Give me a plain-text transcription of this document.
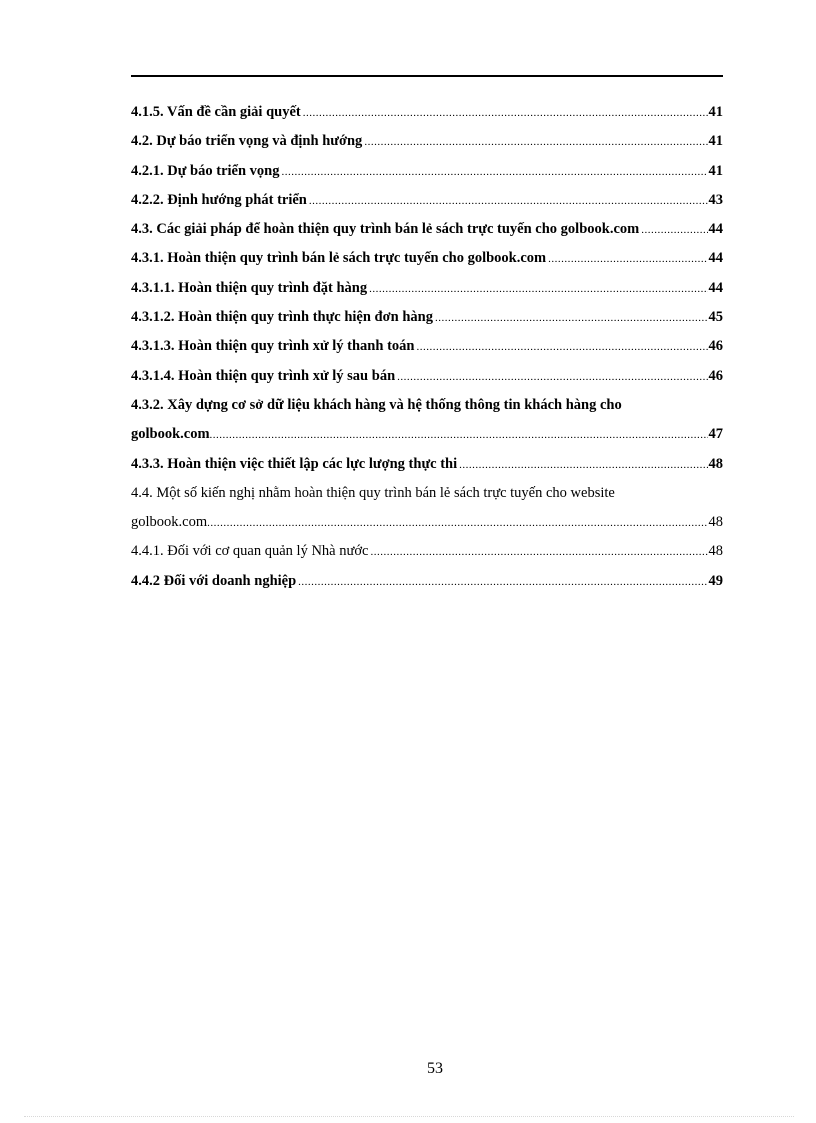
4.1.5. Vấn đề cần giải quyết .....	41
4.2. Dự báo triển vọng và định hướng .....	41
4.2.1. Dự báo triển vọng .....	41
4.2.2. Định hướng phát triển .....	43
4.3. Các giải pháp để hoàn thiện quy trình bán lẻ sách trực tuyến cho golbook.com .....	44
4.3.1. Hoàn thiện quy trình bán lẻ sách trực tuyến cho golbook.com .....	44
4.3.1.1. Hoàn thiện quy trình đặt hàng .....	44
4.3.1.2. Hoàn thiện quy trình thực hiện đơn hàng .....	45
4.3.1.3. Hoàn thiện quy trình xử lý thanh toán .....	46
4.3.1.4. Hoàn thiện quy trình xử lý sau bán .....	46
4.3.2. Xây dựng cơ sở dữ liệu khách hàng và hệ thống thông tin khách hàng cho
golbook.com .....	47
4.3.3. Hoàn thiện việc thiết lập các lực lượng thực thi .....	48
4.4. Một số kiến nghị nhằm hoàn thiện quy trình bán lẻ sách trực tuyến cho website
golbook.com .....	48
4.4.1. Đối với cơ quan quản lý Nhà nước .....	48
4.4.2 Đối với doanh nghiệp .....	49
53
